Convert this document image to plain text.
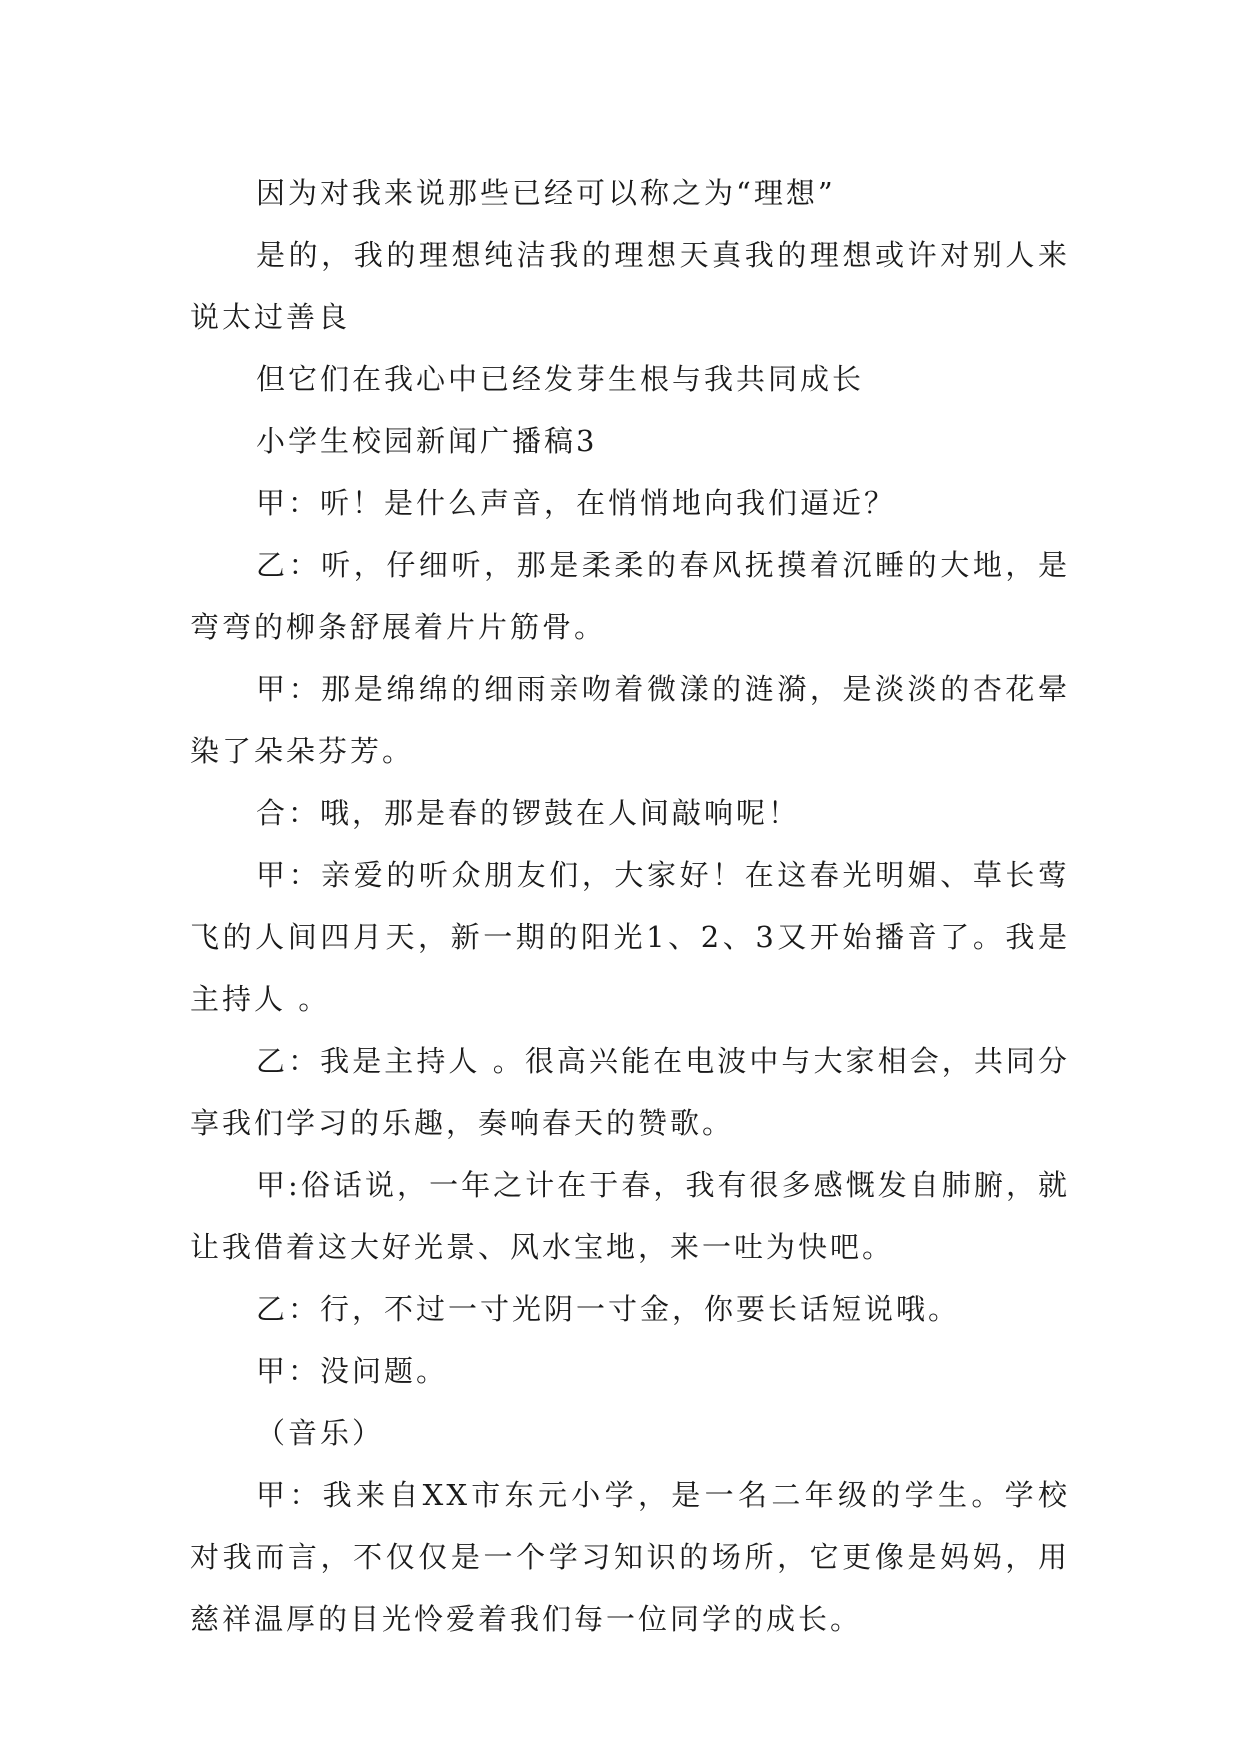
因为对我来说那些已经可以称之为“理想”

是的，我的理想纯洁我的理想天真我的理想或许对别人来说太过善良

但它们在我心中已经发芽生根与我共同成长

小学生校园新闻广播稿3

甲：听！是什么声音，在悄悄地向我们逼近？

乙：听，仔细听，那是柔柔的春风抚摸着沉睡的大地，是弯弯的柳条舒展着片片筋骨。

甲：那是绵绵的细雨亲吻着微漾的涟漪，是淡淡的杏花晕染了朵朵芬芳。

合：哦，那是春的锣鼓在人间敲响呢！

甲：亲爱的听众朋友们，大家好！在这春光明媚、草长莺飞的人间四月天，新一期的阳光1、2、3又开始播音了。我是主持人 。

乙：我是主持人 。很高兴能在电波中与大家相会，共同分享我们学习的乐趣，奏响春天的赞歌。

甲:俗话说，一年之计在于春，我有很多感慨发自肺腑，就让我借着这大好光景、风水宝地，来一吐为快吧。

乙：行，不过一寸光阴一寸金，你要长话短说哦。

甲：没问题。

（音乐）

甲：我来自XX市东元小学，是一名二年级的学生。学校对我而言，不仅仅是一个学习知识的场所，它更像是妈妈，用慈祥温厚的目光怜爱着我们每一位同学的成长。
